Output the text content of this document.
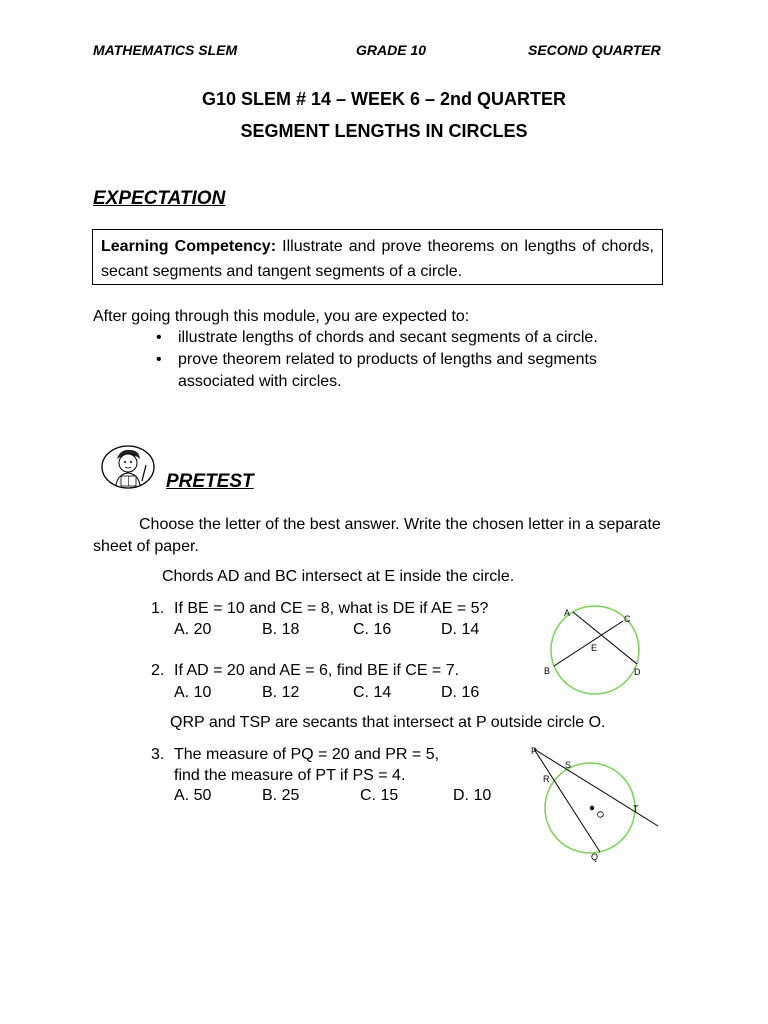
MATHEMATICS SLEM	GRADE 10	SECOND QUARTER
G10 SLEM # 14 – WEEK 6 – 2nd QUARTER
SEGMENT LENGTHS IN CIRCLES
EXPECTATION
Learning Competency: Illustrate and prove theorems on lengths of chords, secant segments and tangent segments of a circle.
After going through this module, you are expected to:
• illustrate lengths of chords and secant segments of a circle.
• prove theorem related to products of lengths and segments associated with circles.
PRETEST
Choose the letter of the best answer. Write the chosen letter in a separate sheet of paper.
Chords AD and BC intersect at E inside the circle.
1. If BE = 10 and CE = 8, what is DE if AE = 5?
A. 20	B. 18	C. 16	D. 14
2. If AD = 20 and AE = 6, find BE if CE = 7.
A. 10	B. 12	C. 14	D. 16
A
C
E
B	D
QRP and TSP are secants that intersect at P outside circle O.
3. The measure of PQ = 20 and PR = 5,
find the measure of PT if PS = 4.
A. 50	B. 25	C. 15	D. 10
P
S
R
O	T
Q
